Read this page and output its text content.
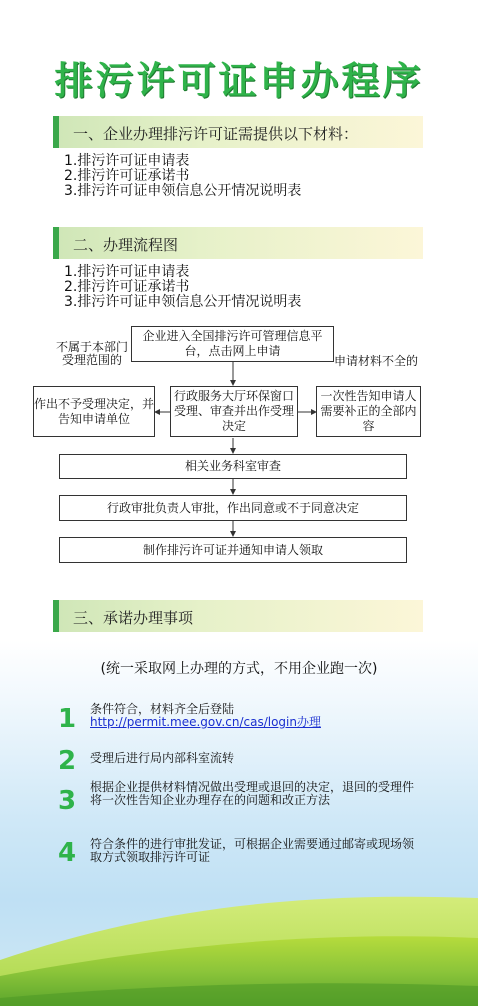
排污许可证申办程序
一、企业办理排污许可证需提供以下材料：
1.排污许可证申请表
2.排污许可证承诺书
3.排污许可证申领信息公开情况说明表
二、办理流程图
1.排污许可证申请表
2.排污许可证承诺书
3.排污许可证申领信息公开情况说明表
企业进入全国排污许可管理信息平台，点击网上申请
不属于本部门受理范围的	申请材料不全的
作出不予受理决定，并告知申请单位
行政服务大厅环保窗口受理、审查并出作受理决定
一次性告知申请人需要补正的全部内容
相关业务科室审查
行政审批负责人审批，作出同意或不于同意决定
制作排污许可证并通知申请人领取
三、承诺办理事项
(统一采取网上办理的方式，不用企业跑一次)
1 条件符合，材料齐全后登陆
http://permit.mee.gov.cn/cas/login办理
2 受理后进行局内部科室流转
3 根据企业提供材料情况做出受理或退回的决定，退回的受理件将一次性告知企业办理存在的问题和改正方法
4 符合条件的进行审批发证，可根据企业需要通过邮寄或现场领取方式领取排污许可证
